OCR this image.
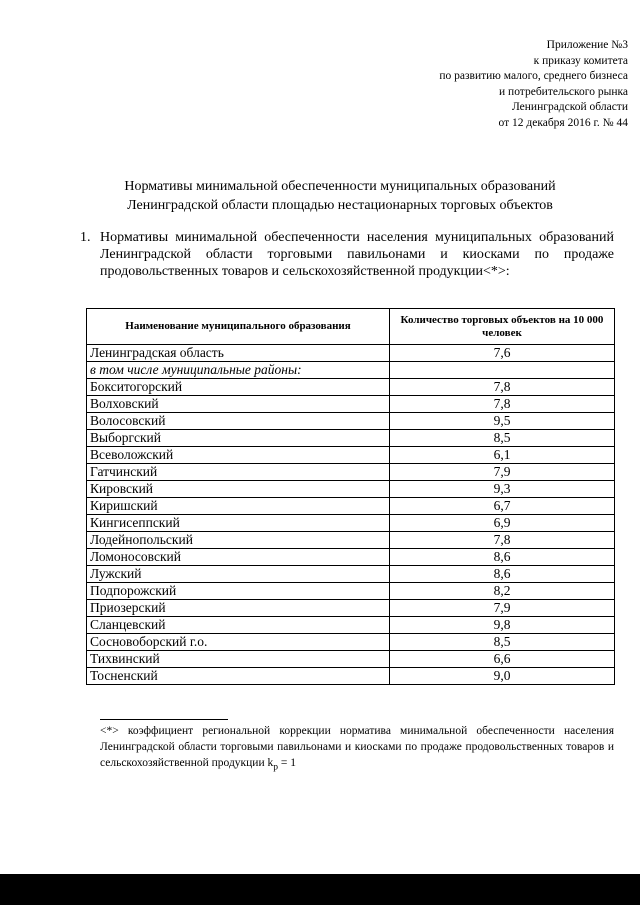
Приложение №3
к приказу комитета
по развитию малого, среднего бизнеса
и потребительского рынка
Ленинградской области
от 12 декабря 2016 г. № 44
Нормативы минимальной обеспеченности муниципальных образований
Ленинградской области площадью нестационарных торговых объектов
1. Нормативы минимальной обеспеченности населения муниципальных образований Ленинградской области торговыми павильонами и киосками по продаже продовольственных товаров и сельскохозяйственной продукции<*>:
Наименование муниципального образования	Количество торговых объектов на 10 000 человек
Ленинградская область	7,6
в том числе муниципальные районы:	
Бокситогорский	7,8
Волховский	7,8
Волосовский	9,5
Выборгский	8,5
Всеволожский	6,1
Гатчинский	7,9
Кировский	9,3
Киришский	6,7
Кингисеппский	6,9
Лодейнопольский	7,8
Ломоносовский	8,6
Лужский	8,6
Подпорожский	8,2
Приозерский	7,9
Сланцевский	9,8
Сосновоборский г.о.	8,5
Тихвинский	6,6
Тосненский	9,0
<*> коэффициент региональной коррекции норматива минимальной обеспеченности населения Ленинградской области торговыми павильонами и киосками по продаже продовольственных товаров и сельскохозяйственной продукции $k_р = 1$
